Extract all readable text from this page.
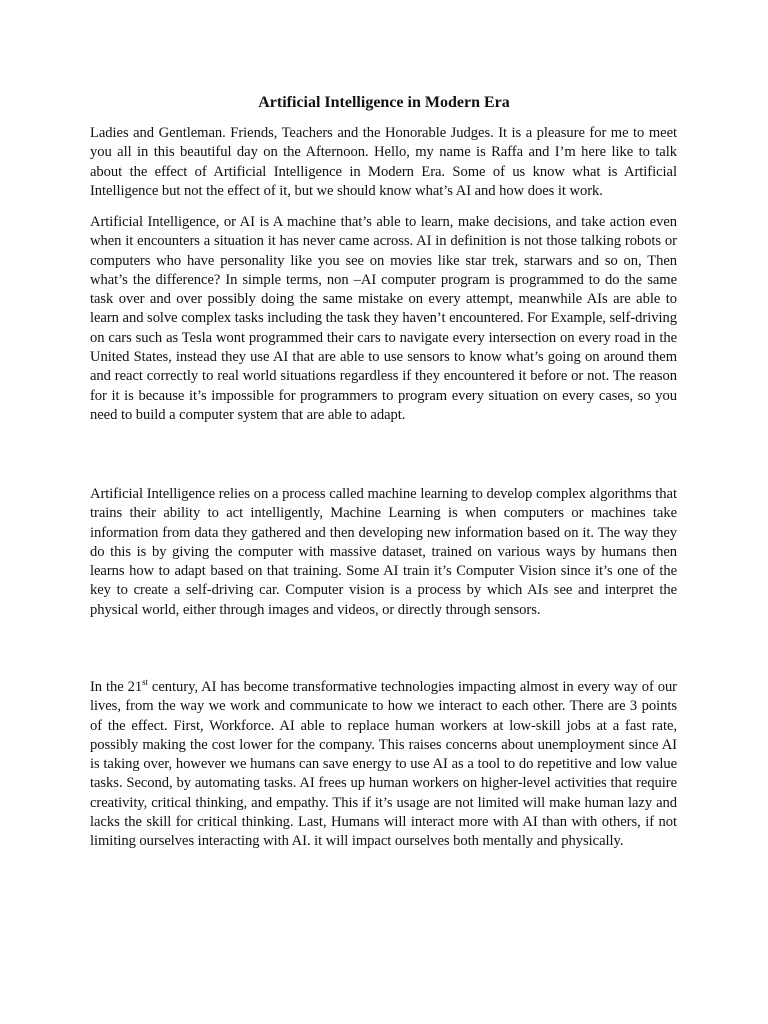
Artificial Intelligence in Modern Era

Ladies and Gentleman. Friends, Teachers and the Honorable Judges. It is a pleasure for me to meet you all in this beautiful day on the Afternoon. Hello, my name is Raffa and I’m here like to talk about the effect of Artificial Intelligence in Modern Era. Some of us know what is Artificial Intelligence but not the effect of it, but we should know what’s AI and how does it work.

Artificial Intelligence, or AI is A machine that’s able to learn, make decisions, and take action even when it encounters a situation it has never came across. AI in definition is not those talking robots or computers who have personality like you see on movies like star trek, starwars and so on, Then what’s the difference? In simple terms, non –AI computer program is programmed to do the same task over and over possibly doing the same mistake on every attempt, meanwhile AIs are able to learn and solve complex tasks including the task they haven’t encountered. For Example, self-driving on cars such as Tesla wont programmed their cars to navigate every intersection on every road in the United States, instead they use AI that are able to use sensors to know what’s going on around them and react correctly to real world situations regardless if they encountered it before or not. The reason for it is because it’s impossible for programmers to program every situation on every cases, so you need to build a computer system that are able to adapt.

Artificial Intelligence relies on a process called machine learning to develop complex algorithms that trains their ability to act intelligently, Machine Learning is when computers or machines take information from data they gathered and then developing new information based on it. The way they do this is by giving the computer with massive dataset, trained on various ways by humans then learns how to adapt based on that training. Some AI train it’s Computer Vision since it’s one of the key to create a self-driving car. Computer vision is a process by which AIs see and interpret the physical world, either through images and videos, or directly through sensors.

In the 21st century, AI has become transformative technologies impacting almost in every way of our lives, from the way we work and communicate to how we interact to each other. There are 3 points of the effect. First, Workforce. AI able to replace human workers at low-skill jobs at a fast rate, possibly making the cost lower for the company. This raises concerns about unemployment since AI is taking over, however we humans can save energy to use AI as a tool to do repetitive and low value tasks. Second, by automating tasks. AI frees up human workers on higher-level activities that require creativity, critical thinking, and empathy. This if it’s usage are not limited will make human lazy and lacks the skill for critical thinking. Last, Humans will interact more with AI than with others, if not limiting ourselves interacting with AI. it will impact ourselves both mentally and physically.
